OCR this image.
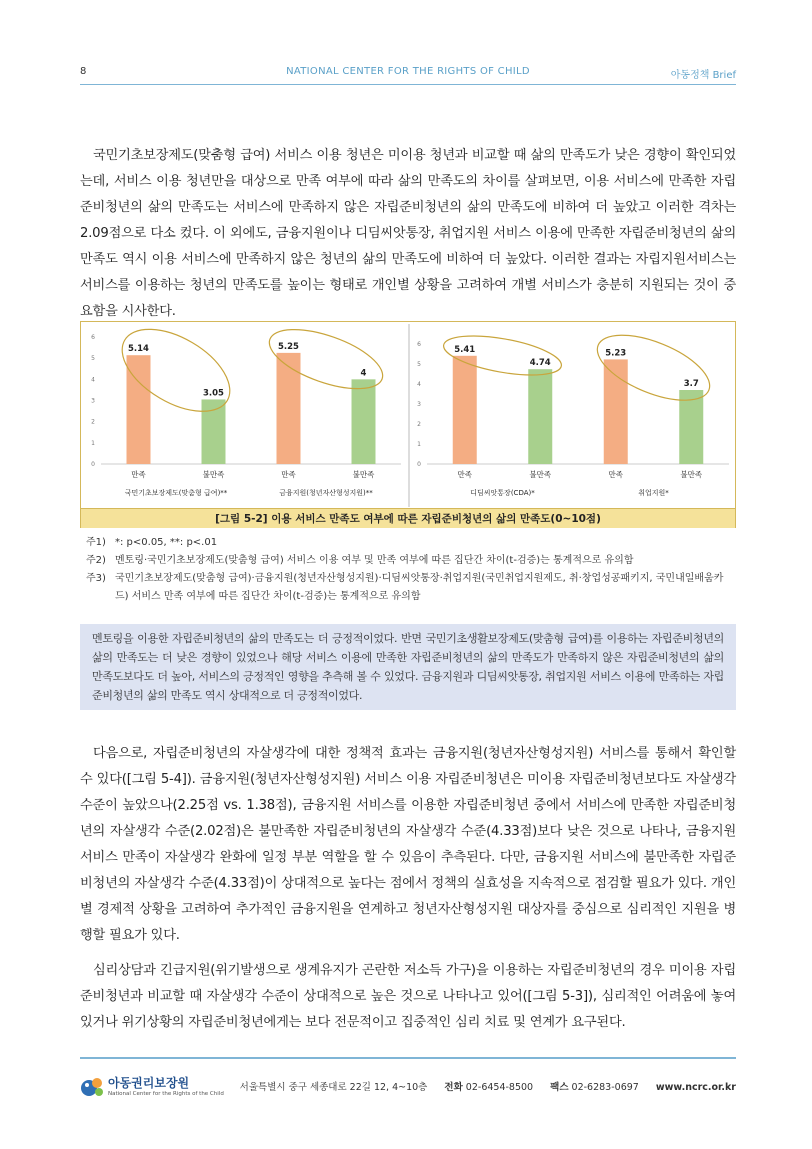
8	NATIONAL CENTER FOR THE RIGHTS OF CHILD	아동정책 Brief
국민기초보장제도(맞춤형 급여) 서비스 이용 청년은 미이용 청년과 비교할 때 삶의 만족도가 낮은 경향이 확인되었는데, 서비스 이용 청년만을 대상으로 만족 여부에 따라 삶의 만족도의 차이를 살펴보면, 이용 서비스에 만족한 자립준비청년의 삶의 만족도는 서비스에 만족하지 않은 자립준비청년의 삶의 만족도에 비하여 더 높았고 이러한 격차는 2.09점으로 다소 컸다. 이 외에도, 금융지원이나 디딤씨앗통장, 취업지원 서비스 이용에 만족한 자립준비청년의 삶의 만족도 역시 이용 서비스에 만족하지 않은 청년의 삶의 만족도에 비하여 더 높았다. 이러한 결과는 자립지원서비스는 서비스를 이용하는 청년의 만족도를 높이는 형태로 개인별 상황을 고려하여 개별 서비스가 충분히 지원되는 것이 중요함을 시사한다.
0
1
2
3
4
5
6
5.14
만족
3.05
불만족
국민기초보장제도(맞춤형 급여)**
5.25
만족
4
불만족
금융지원(청년자산형성지원)**
0
1
2
3
4
5
6
5.41
만족
4.74
불만족
디딤씨앗통장(CDA)*
5.23
만족
3.7
불만족
취업지원*
[그림 5-2] 이용 서비스 만족도 여부에 따른 자립준비청년의 삶의 만족도(0~10점)
주1) *: p<0.05, **: p<.01
주2) 멘토링·국민기초보장제도(맞춤형 급여) 서비스 이용 여부 및 만족 여부에 따른 집단간 차이(t-검증)는 통계적으로 유의함
주3) 국민기초보장제도(맞춤형 급여)·금융지원(청년자산형성지원)·디딤씨앗통장·취업지원(국민취업지원제도, 취·창업성공패키지, 국민내일배움카드) 서비스 만족 여부에 따른 집단간 차이(t-검증)는 통계적으로 유의함
멘토링을 이용한 자립준비청년의 삶의 만족도는 더 긍정적이었다. 반면 국민기초생활보장제도(맞춤형 급여)를 이용하는 자립준비청년의 삶의 만족도는 더 낮은 경향이 있었으나 해당 서비스 이용에 만족한 자립준비청년의 삶의 만족도가 만족하지 않은 자립준비청년의 삶의 만족도보다도 더 높아, 서비스의 긍정적인 영향을 추측해 볼 수 있었다. 금융지원과 디딤씨앗통장, 취업지원 서비스 이용에 만족하는 자립준비청년의 삶의 만족도 역시 상대적으로 더 긍정적이었다.
다음으로, 자립준비청년의 자살생각에 대한 정책적 효과는 금융지원(청년자산형성지원) 서비스를 통해서 확인할 수 있다([그림 5-4]). 금융지원(청년자산형성지원) 서비스 이용 자립준비청년은 미이용 자립준비청년보다도 자살생각 수준이 높았으나(2.25점 vs. 1.38점), 금융지원 서비스를 이용한 자립준비청년 중에서 서비스에 만족한 자립준비청년의 자살생각 수준(2.02점)은 불만족한 자립준비청년의 자살생각 수준(4.33점)보다 낮은 것으로 나타나, 금융지원 서비스 만족이 자살생각 완화에 일정 부분 역할을 할 수 있음이 추측된다. 다만, 금융지원 서비스에 불만족한 자립준비청년의 자살생각 수준(4.33점)이 상대적으로 높다는 점에서 정책의 실효성을 지속적으로 점검할 필요가 있다. 개인별 경제적 상황을 고려하여 추가적인 금융지원을 연계하고 청년자산형성지원 대상자를 중심으로 심리적인 지원을 병행할 필요가 있다.
심리상담과 긴급지원(위기발생으로 생계유지가 곤란한 저소득 가구)을 이용하는 자립준비청년의 경우 미이용 자립준비청년과 비교할 때 자살생각 수준이 상대적으로 높은 것으로 나타나고 있어([그림 5-3]), 심리적인 어려움에 놓여 있거나 위기상황의 자립준비청년에게는 보다 전문적이고 집중적인 심리 치료 및 연계가 요구된다.
아동권리보장원
National Center for the Rights of the Child
서울특별시 중구 세종대로 22길 12, 4~10층 전화 02-6454-8500 팩스 02-6283-0697 www.ncrc.or.kr
